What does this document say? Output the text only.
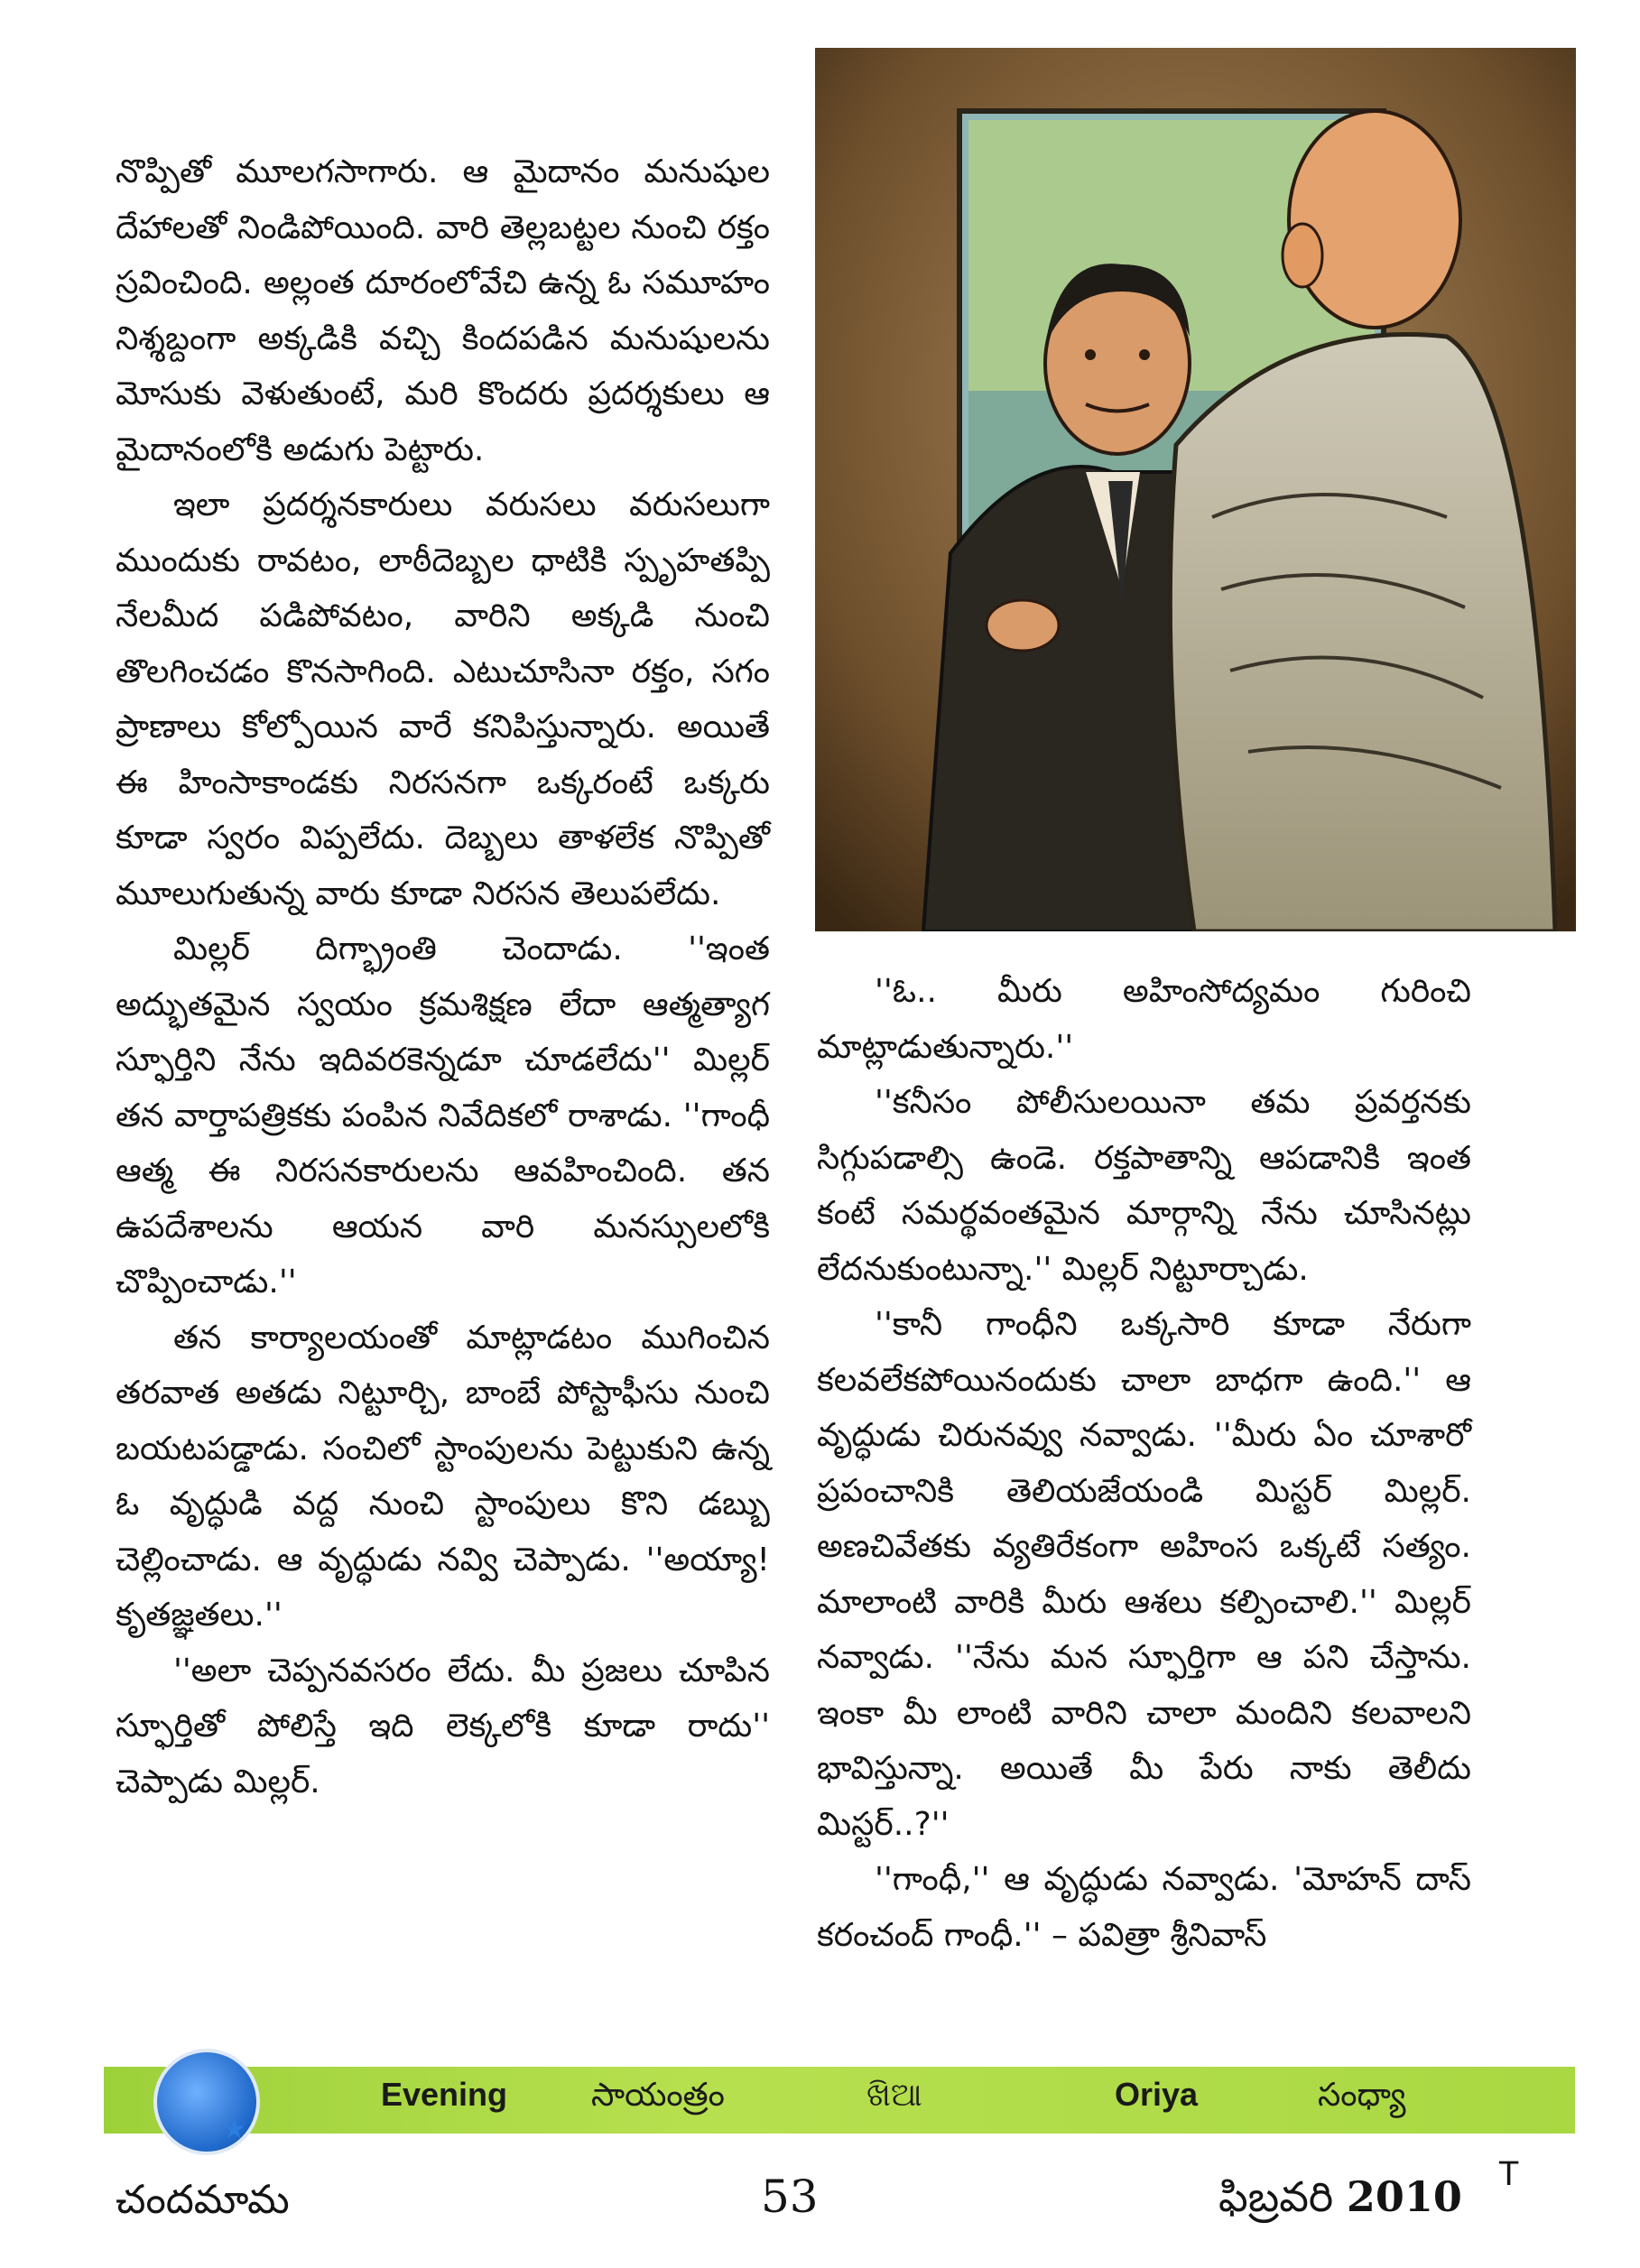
నొప్పితో మూలగసాగారు. ఆ మైదానం మనుషుల దేహాలతో నిండిపోయింది. వారి తెల్లబట్టల నుంచి రక్తం స్రవించింది. అల్లంత దూరంలోవేచి ఉన్న ఓ సమూహం నిశ్శబ్దంగా అక్కడికి వచ్చి కిందపడిన మనుషులను మోసుకు వెళుతుంటే, మరి కొందరు ప్రదర్శకులు ఆ మైదానంలోకి అడుగు పెట్టారు.

ఇలా ప్రదర్శనకారులు వరుసలు వరుసలుగా ముందుకు రావటం, లాఠీదెబ్బల ధాటికి స్పృహతప్పి నేలమీద పడిపోవటం, వారిని అక్కడి నుంచి తొలగించడం కొనసాగింది. ఎటుచూసినా రక్తం, సగం ప్రాణాలు కోల్పోయిన వారే కనిపిస్తున్నారు. అయితే ఈ హింసాకాండకు నిరసనగా ఒక్కరంటే ఒక్కరు కూడా స్వరం విప్పలేదు. దెబ్బలు తాళలేక నొప్పితో మూలుగుతున్న వారు కూడా నిరసన తెలుపలేదు.

మిల్లర్ దిగ్భ్రాంతి చెందాడు. ''ఇంత అద్భుతమైన స్వయం క్రమశిక్షణ లేదా ఆత్మత్యాగ స్ఫూర్తిని నేను ఇదివరకెన్నడూ చూడలేదు'' మిల్లర్ తన వార్తాపత్రికకు పంపిన నివేదికలో రాశాడు. ''గాంధీ ఆత్మ ఈ నిరసనకారులను ఆవహించింది. తన ఉపదేశాలను ఆయన వారి మనస్సులలోకి చొప్పించాడు.''

తన కార్యాలయంతో మాట్లాడటం ముగించిన తరవాత అతడు నిట్టూర్చి, బాంబే పోస్టాఫీసు నుంచి బయటపడ్డాడు. సంచిలో స్టాంపులను పెట్టుకుని ఉన్న ఓ వృద్ధుడి వద్ద నుంచి స్టాంపులు కొని డబ్బు చెల్లించాడు. ఆ వృద్ధుడు నవ్వి చెప్పాడు. ''అయ్యా! కృతజ్ఞతలు.''

''అలా చెప్పనవసరం లేదు. మీ ప్రజలు చూపిన స్ఫూర్తితో పోలిస్తే ఇది లెక్కలోకి కూడా రాదు'' చెప్పాడు మిల్లర్.

''ఓ.. మీరు అహింసోద్యమం గురించి మాట్లాడుతున్నారు.''

''కనీసం పోలీసులయినా తమ ప్రవర్తనకు సిగ్గుపడాల్సి ఉండె. రక్తపాతాన్ని ఆపడానికి ఇంత కంటే సమర్థవంతమైన మార్గాన్ని నేను చూసినట్లు లేదనుకుంటున్నా.'' మిల్లర్ నిట్టూర్చాడు.

''కానీ గాంధీని ఒక్కసారి కూడా నేరుగా కలవలేకపోయినందుకు చాలా బాధగా ఉంది.'' ఆ వృద్ధుడు చిరునవ్వు నవ్వాడు. ''మీరు ఏం చూశారో ప్రపంచానికి తెలియజేయండి మిస్టర్ మిల్లర్. అణచివేతకు వ్యతిరేకంగా అహింస ఒక్కటే సత్యం. మాలాంటి వారికి మీరు ఆశలు కల్పించాలి.'' మిల్లర్ నవ్వాడు. ''నేను మన స్ఫూర్తిగా ఆ పని చేస్తాను. ఇంకా మీ లాంటి వారిని చాలా మందిని కలవాలని భావిస్తున్నా. అయితే మీ పేరు నాకు తెలీదు మిస్టర్..?''

''గాంధీ,'' ఆ వృద్ధుడు నవ్వాడు. 'మోహన్ దాస్ కరంచంద్ గాంధీ.'' – పవిత్రా శ్రీనివాస్

Evening	సాయంత్రం	ଖିଆ	Oriya	సంధ్యా
★
చందమామ	53	ఫిబ్రవరి 2010 T
